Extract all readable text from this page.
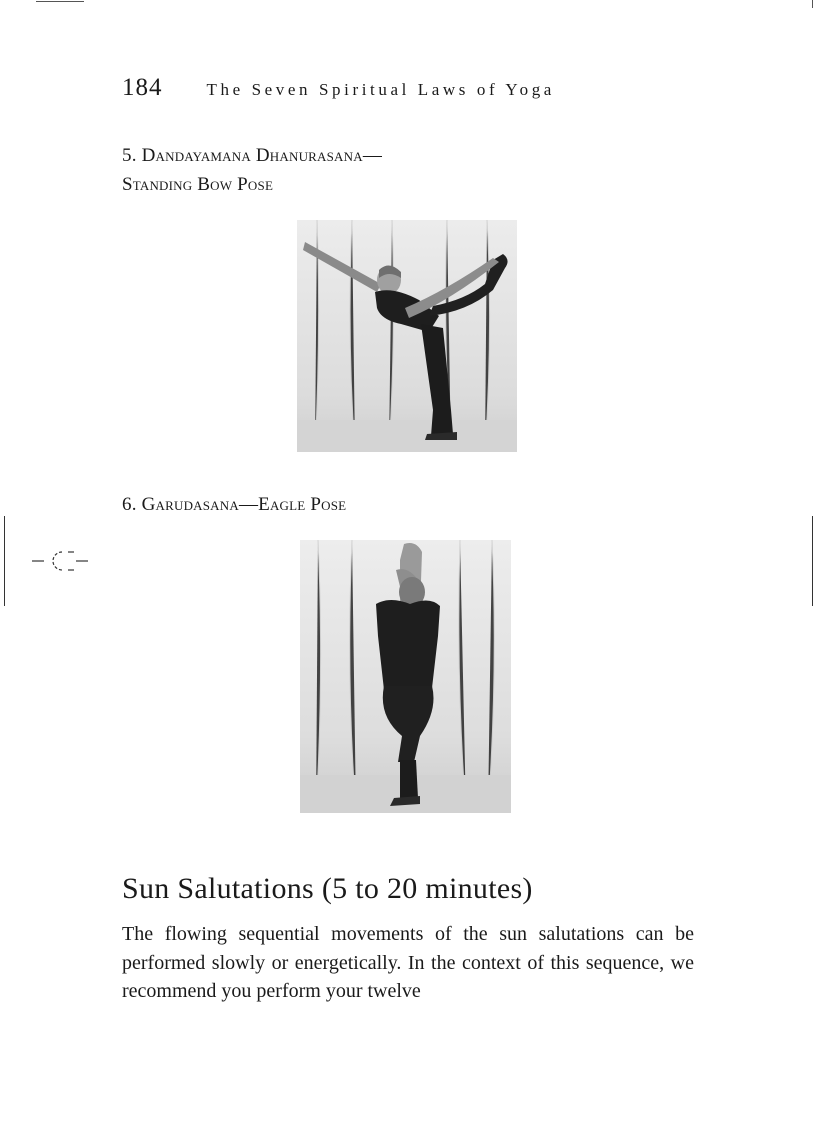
184	The Seven Spiritual Laws of Yoga
5. Dandayamana Dhanurasana—
Standing Bow Pose
6. Garudasana—Eagle Pose
Sun Salutations (5 to 20 minutes)

The flowing sequential movements of the sun salutations can be performed slowly or energetically. In the context of this sequence, we recommend you perform your twelve
